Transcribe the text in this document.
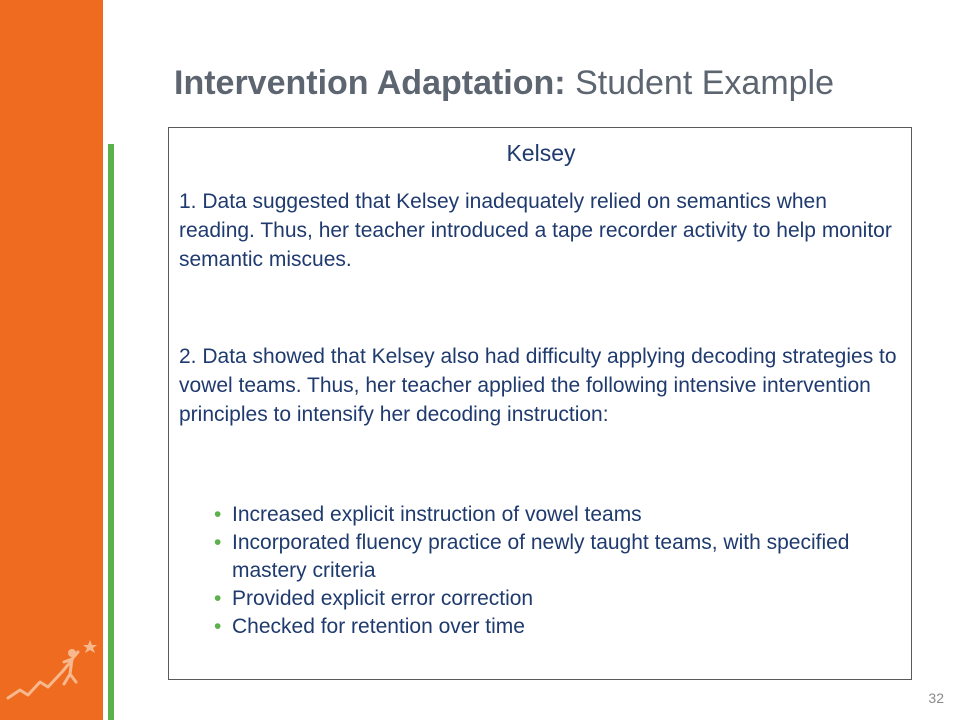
Intervention Adaptation: Student Example
Kelsey

1. Data suggested that Kelsey inadequately relied on semantics when reading. Thus, her teacher introduced a tape recorder activity to help monitor semantic miscues.

2. Data showed that Kelsey also had difficulty applying decoding strategies to vowel teams. Thus, her teacher applied the following intensive intervention principles to intensify her decoding instruction:

• Increased explicit instruction of vowel teams
• Incorporated fluency practice of newly taught teams, with specified mastery criteria
• Provided explicit error correction
• Checked for retention over time
32
